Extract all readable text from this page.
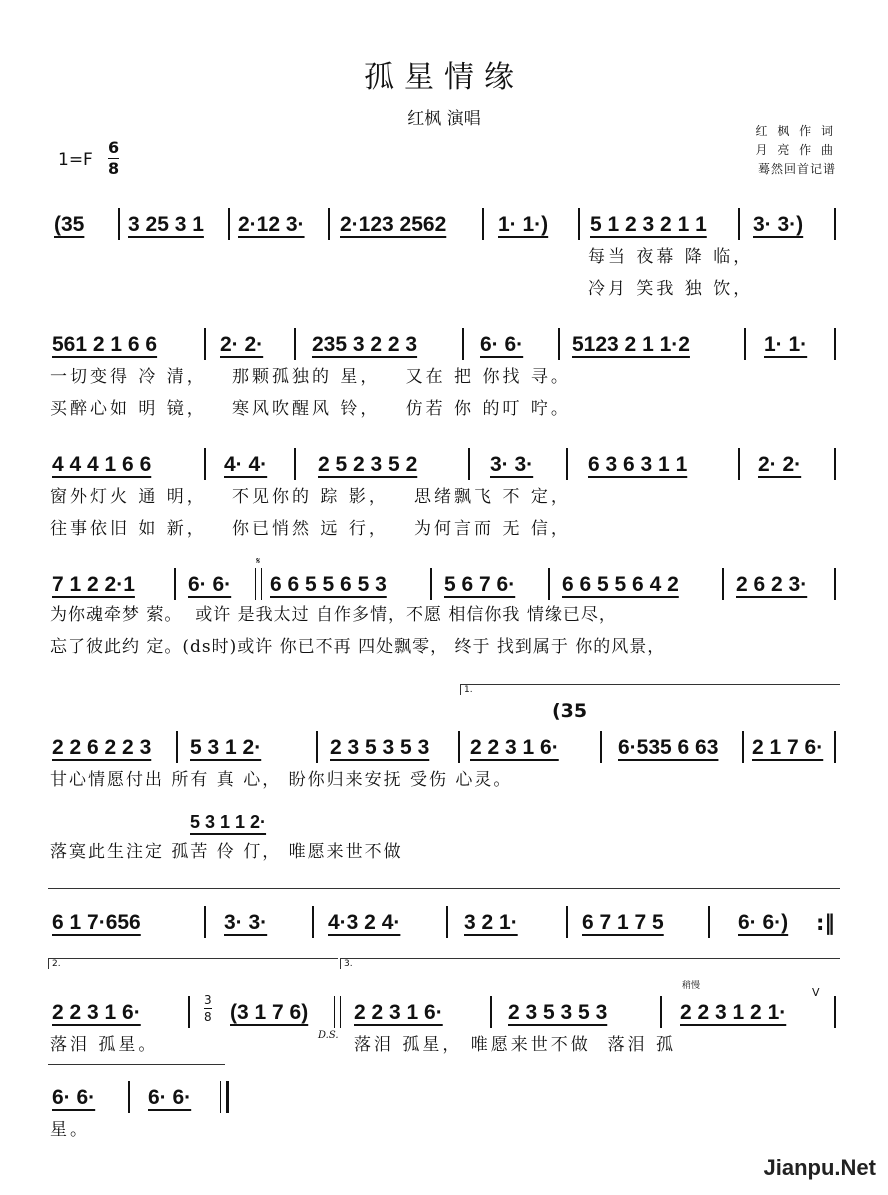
孤星情缘
红枫 演唱
红 枫 作 词
月 亮 作 曲
蓦然回首记谱
$1=F \frac{6}{8}$
(35 3 25 3 1 2·12 3· 2·123 2562 1· 1·) 5 1 2 3 2 1 1 3· 3·)
每当 夜幕 降 临，
冷月 笑我 独 饮，
561 2 1 6 6	2· 2· 235 3 2 2 3	6· 6· 5123 2 1 1·2	1· 1·
一切变得 冷 清，   那颗孤独的 星，   又在 把 你找 寻。
买醉心如 明 镜，   寒风吹醒风 铃，   仿若 你 的叮 咛。
4 4 4 1 6 6	4· 4· 2 5 2 3 5 2	3· 3·	6 3 6 3 1 1	2· 2·
窗外灯火 通 明，   不见你的 踪 影，   思绪飘飞 不 定，
往事依旧 如 新，   你已悄然 远 行，   为何言而 无 信，
7 1 2 2·1	6· 6·
𝄋
6 6 5 5 6 5 3	5 6 7 6· 6 6 5 5 6 4 2	2 6 2 3·
为你魂牵梦 萦。  或许 是我太过 自作多情，不愿 相信你我 情缘已尽，
忘了彼此约 定。(ds时)或许 你已不再 四处飘零， 终于 找到属于 你的风景，
1.
(35
2 2 6 2 2 3 5 3 1 2·	2 3 5 3 5 3 2 2 3 1 6·	6·535 6 63 2 1 7 6·
甘心情愿付出 所有 真 心， 盼你归来安抚 受伤 心灵。
5 3 1 1 2·
落寞此生注定 孤苦 伶 仃， 唯愿来世不做
6 1 7·656	3· 3·	4·3 2 4·	3 2 1·	6 7 1 7 5	6· 6·) :‖
2.	3.
2 2 3 1 6·	$\frac{3}{8} (3$ 1 7 6)
D.S.
2 2 3 1 6·	2 3 5 3 5 3
稍慢
2 2 3 1 2 1·
V
落泪 孤星。	落泪 孤星， 唯愿来世不做  落泪 孤
6· 6·	6· 6·
星。
Jianpu.Net
